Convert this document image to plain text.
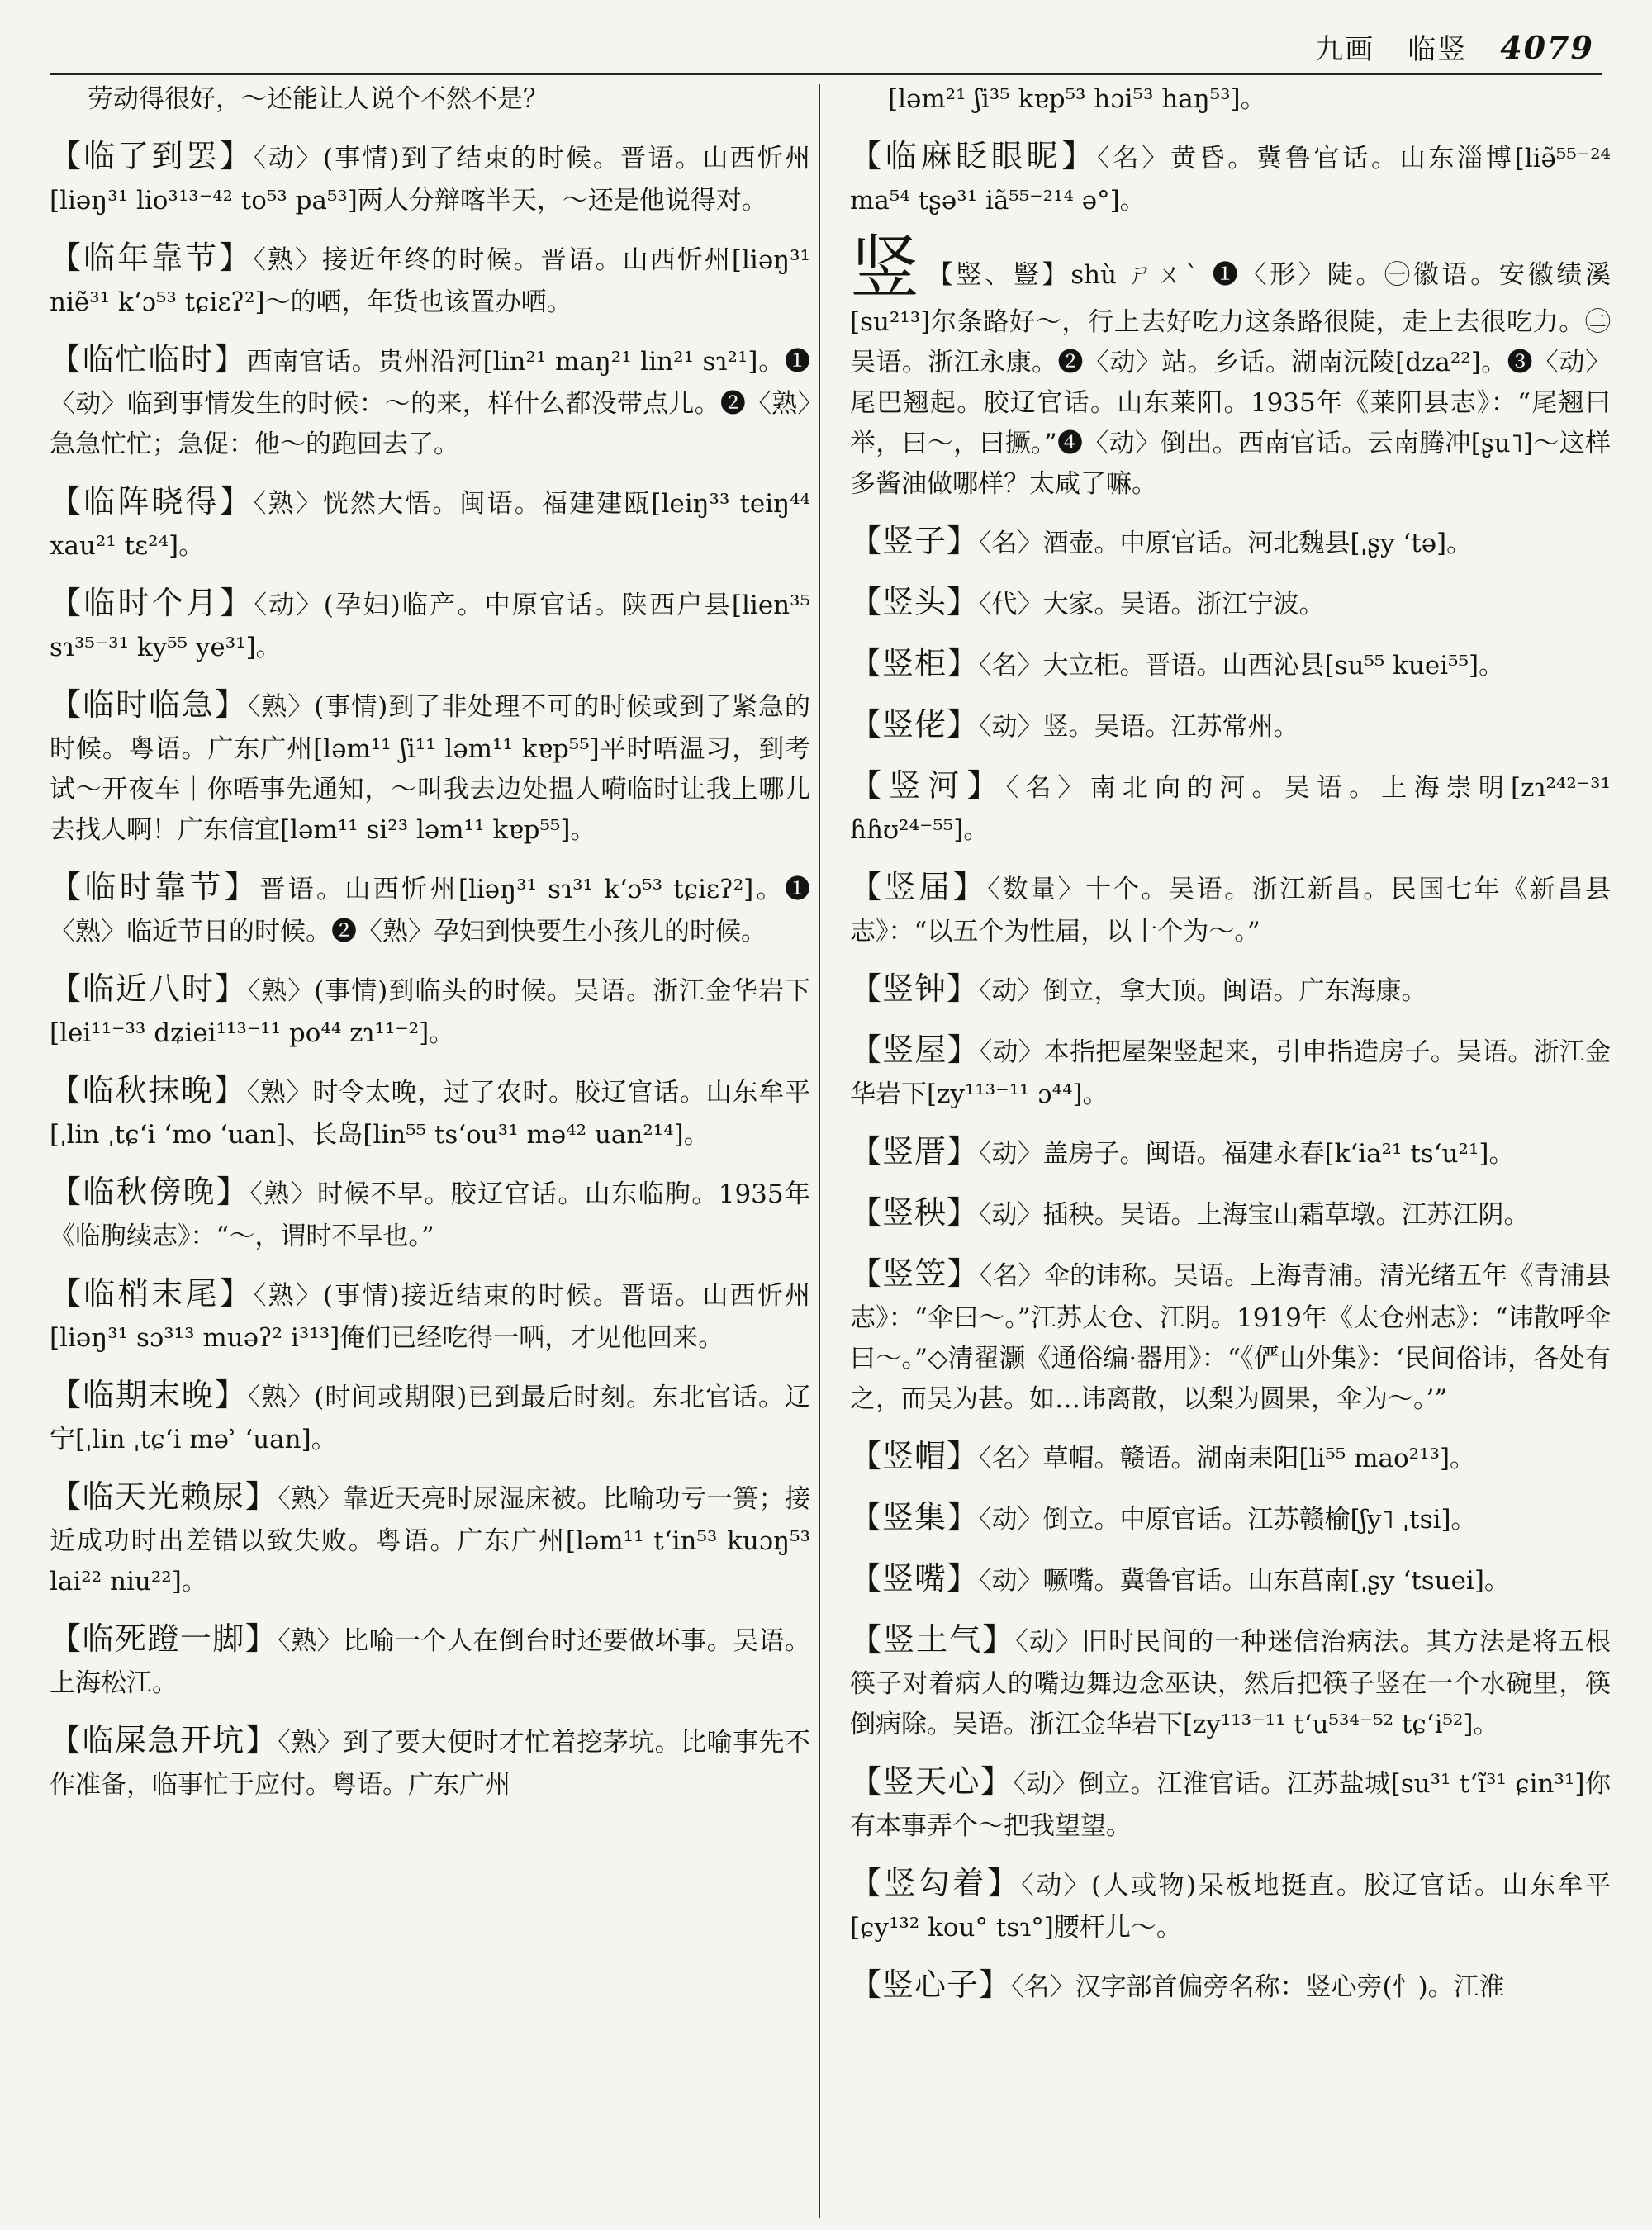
九画 临竖 4079
劳动得很好，～还能让人说个不然不是？
【临了到罢】〈动〉(事情)到了结束的时候。晋语。山西忻州[liəŋ³¹ lio³¹³⁻⁴² to⁵³ pa⁵³]两人分辩喀半天，～还是他说得对。
【临年靠节】〈熟〉接近年终的时候。晋语。山西忻州[liəŋ³¹ niẽ³¹ kʻɔ⁵³ tɕiɛʔ²]～的哂，年货也该置办哂。
【临忙临时】西南官话。贵州沿河[lin²¹ maŋ²¹ lin²¹ sɿ²¹]。❶〈动〉临到事情发生的时候：～的来，样什么都没带点儿。❷〈熟〉急急忙忙；急促：他～的跑回去了。
【临阵晓得】〈熟〉恍然大悟。闽语。福建建瓯[leiŋ³³ teiŋ⁴⁴ xau²¹ tɛ²⁴]。
【临时个月】〈动〉(孕妇)临产。中原官话。陕西户县[lien³⁵ sɿ³⁵⁻³¹ ky⁵⁵ ye³¹]。
【临时临急】〈熟〉(事情)到了非处理不可的时候或到了紧急的时候。粤语。广东广州[ləm¹¹ ʃi¹¹ ləm¹¹ kɐp⁵⁵]平时唔温习，到考试～开夜车｜你唔事先通知，～叫我去边处揾人嗬临时让我上哪儿去找人啊！广东信宜[ləm¹¹ si²³ ləm¹¹ kɐp⁵⁵]。
【临时靠节】晋语。山西忻州[liəŋ³¹ sɿ³¹ kʻɔ⁵³ tɕiɛʔ²]。❶〈熟〉临近节日的时候。❷〈熟〉孕妇到快要生小孩儿的时候。
【临近八时】〈熟〉(事情)到临头的时候。吴语。浙江金华岩下[lei¹¹⁻³³ dʑiei¹¹³⁻¹¹ po⁴⁴ zɿ¹¹⁻²]。
【临秋抹晚】〈熟〉时令太晚，过了农时。胶辽官话。山东牟平[ˌlin ˌtɕʻi ʻmo ʻuan]、长岛[lin⁵⁵ tsʻou³¹ mə⁴² uan²¹⁴]。
【临秋傍晚】〈熟〉时候不早。胶辽官话。山东临朐。1935年《临朐续志》：“～，谓时不早也。”
【临梢末尾】〈熟〉(事情)接近结束的时候。晋语。山西忻州[liəŋ³¹ sɔ³¹³ muəʔ² i³¹³]俺们已经吃得一哂，才见他回来。
【临期末晚】〈熟〉(时间或期限)已到最后时刻。东北官话。辽宁[ˌlin ˌtɕʻi məʾ ʻuan]。
【临天光赖尿】〈熟〉靠近天亮时尿湿床被。比喻功亏一篑；接近成功时出差错以致失败。粤语。广东广州[ləm¹¹ tʻin⁵³ kuɔŋ⁵³ lai²² niu²²]。
【临死蹬一脚】〈熟〉比喻一个人在倒台时还要做坏事。吴语。上海松江。
【临屎急开坑】〈熟〉到了要大便时才忙着挖茅坑。比喻事先不作准备，临事忙于应付。粤语。广东广州
[ləm²¹ ʃi³⁵ kɐp⁵³ hɔi⁵³ haŋ⁵³]。
【临麻眨眼昵】〈名〉黄昏。冀鲁官话。山东淄博[liə̃⁵⁵⁻²⁴ ma⁵⁴ tʂə³¹ iã⁵⁵⁻²¹⁴ ə°]。
竖 【竪、豎】shù ㄕㄨˋ ❶〈形〉陡。㊀徽语。安徽绩溪[su²¹³]尔条路好～，行上去好吃力这条路很陡，走上去很吃力。㊁吴语。浙江永康。❷〈动〉站。乡话。湖南沅陵[dza²²]。❸〈动〉尾巴翘起。胶辽官话。山东莱阳。1935年《莱阳县志》：“尾翘曰举，曰～，曰撅。”❹〈动〉倒出。西南官话。云南腾冲[ʂu˥]～这样多酱油做哪样？太咸了嘛。
【竖子】〈名〉酒壶。中原官话。河北魏县[ˌʂy ʻtə]。
【竖头】〈代〉大家。吴语。浙江宁波。
【竖柜】〈名〉大立柜。晋语。山西沁县[su⁵⁵ kuei⁵⁵]。
【竖佬】〈动〉竖。吴语。江苏常州。
【竖河】〈名〉南北向的河。吴语。上海崇明[zɿ²⁴²⁻³¹ ɦɦʊ²⁴⁻⁵⁵]。
【竖届】〈数量〉十个。吴语。浙江新昌。民国七年《新昌县志》：“以五个为性届，以十个为～。”
【竖钟】〈动〉倒立，拿大顶。闽语。广东海康。
【竖屋】〈动〉本指把屋架竖起来，引申指造房子。吴语。浙江金华岩下[zy¹¹³⁻¹¹ ɔ⁴⁴]。
【竖厝】〈动〉盖房子。闽语。福建永春[kʻia²¹ tsʻu²¹]。
【竖秧】〈动〉插秧。吴语。上海宝山霜草墩。江苏江阴。
【竖笠】〈名〉伞的讳称。吴语。上海青浦。清光绪五年《青浦县志》：“伞曰～。”江苏太仓、江阴。1919年《太仓州志》：“讳散呼伞曰～。”◇清翟灏《通俗编·器用》：“《俨山外集》：‘民间俗讳，各处有之，而吴为甚。如…讳离散，以梨为圆果，伞为～。’”
【竖帽】〈名〉草帽。赣语。湖南耒阳[li⁵⁵ mao²¹³]。
【竖集】〈动〉倒立。中原官话。江苏赣榆[ʃy˥ ˌtsi]。
【竖嘴】〈动〉噘嘴。冀鲁官话。山东莒南[ˌʂy ʻtsuei]。
【竖土气】〈动〉旧时民间的一种迷信治病法。其方法是将五根筷子对着病人的嘴边舞边念巫诀，然后把筷子竖在一个水碗里，筷倒病除。吴语。浙江金华岩下[zy¹¹³⁻¹¹ tʻu⁵³⁴⁻⁵² tɕʻi⁵²]。
【竖天心】〈动〉倒立。江淮官话。江苏盐城[su³¹ tʻĩ³¹ ɕin³¹]你有本事弄个～把我望望。
【竖勾着】〈动〉(人或物)呆板地挺直。胶辽官话。山东牟平[ɕy¹³² kou° tsɿ°]腰杆儿～。
【竖心子】〈名〉汉字部首偏旁名称：竖心旁(忄)。江淮
